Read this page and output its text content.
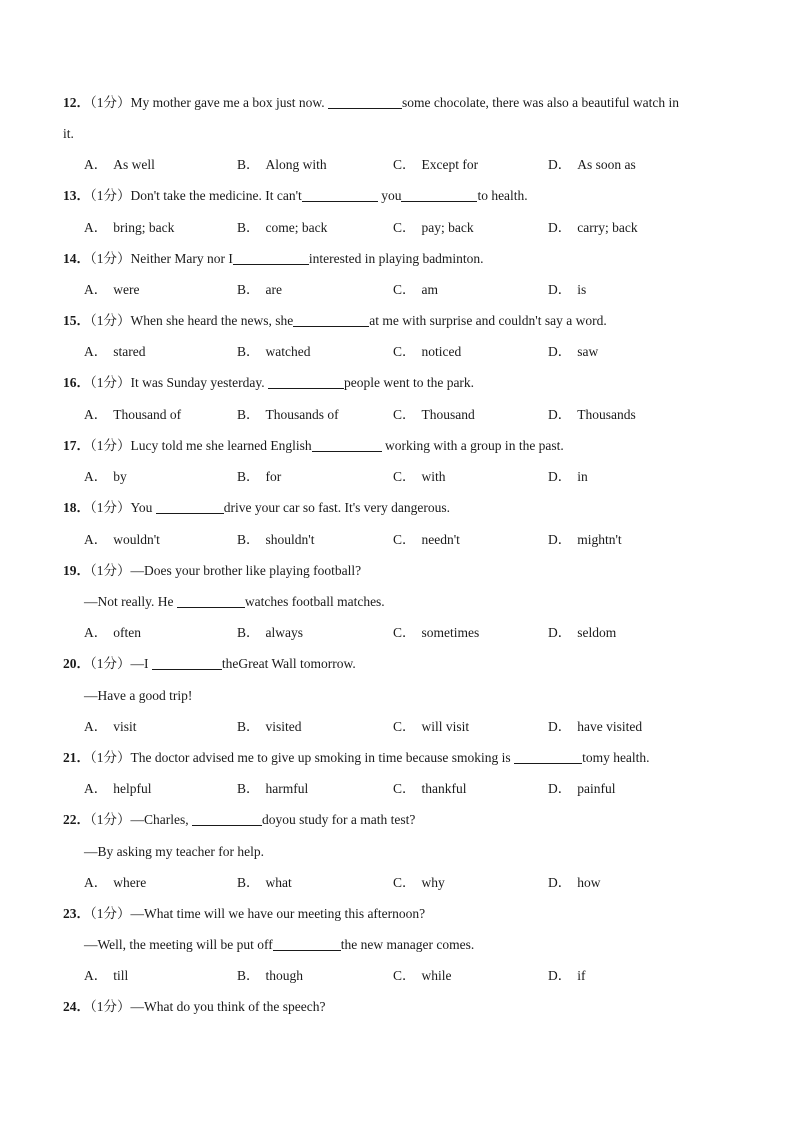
12．（1分）My mother gave me a box just now.	some chocolate, there was also a beautiful watch in
it.
A． As well	B． Along with	C． Except for	D． As soon as
13．（1分）Don't take the medicine. It can't	you	to health.
A． bring; back	B． come; back	C． pay; back	D． carry; back
14．（1分）Neither Mary nor I	interested in playing badminton.
A． were	B． are	C． am	D． is
15．（1分）When she heard the news, she	at me with surprise and couldn't say a word.
A． stared	B． watched	C． noticed	D． saw
16．（1分）It was Sunday yesterday.	people went to the park.
A． Thousand of	B． Thousands of	C． Thousand	D． Thousands
17．（1分）Lucy told me she learned English	working with a group in the past.
A． by	B． for	C． with	D． in
18．（1分）You	drive your car so fast. It's very dangerous.
A． wouldn't	B． shouldn't	C． needn't	D． mightn't
19．（1分）—Does your brother like playing football?
—Not really. He	watches football matches.
A． often	B． always	C． sometimes	D． seldom
20．（1分）—I	theGreat Wall tomorrow.
—Have a good trip!
A． visit	B． visited	C． will visit	D． have visited
21．（1分）The doctor advised me to give up smoking in time because smoking is	tomy health.
A． helpful	B． harmful	C． thankful	D． painful
22．（1分）—Charles,	doyou study for a math test?
—By asking my teacher for help.
A． where	B． what	C． why	D． how
23．（1分）—What time will we have our meeting this afternoon?
—Well, the meeting will be put off	the new manager comes.
A． till	B． though	C． while	D． if
24．（1分）—What do you think of the speech?
